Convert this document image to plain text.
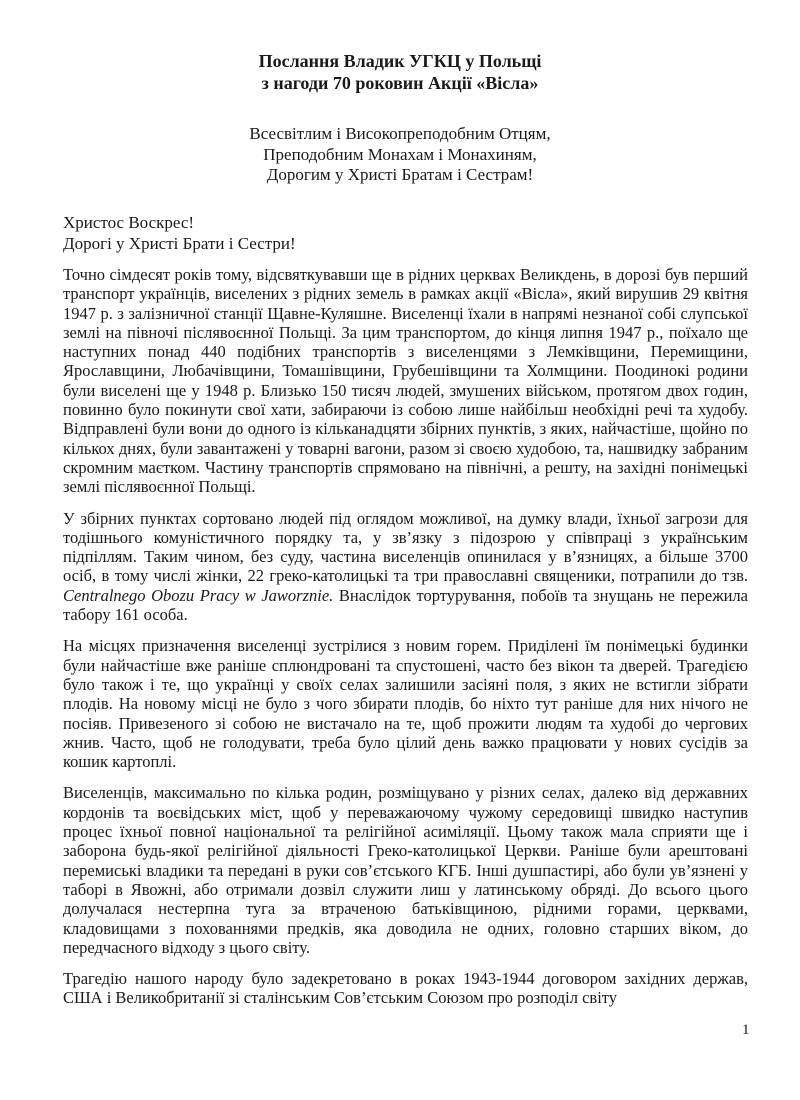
Послання Владик УГКЦ у Польщі
з нагоди 70 роковин Акції «Вісла»
Всесвітлим і Високопреподобним Отцям,
Преподобним Монахам і Монахиням,
Дорогим у Христі Братам і Сестрам!
Христос Воскрес!
Дорогі у Христі Брати і Сестри!

Точно сімдесят років тому, відсвяткувавши ще в рідних церквах Великдень, в дорозі був перший транспорт українців, виселених з рідних земель в рамках акції «Вісла», який вирушив 29 квітня 1947 р. з залізничної станції Щавне-Куляшне. Виселенці їхали в напрямі незнаної собі слупської землі на півночі післявоєнної Польщі. За цим транспортом, до кінця липня 1947 р., поїхало ще наступних понад 440 подібних транспортів з виселенцями з Лемківщини, Перемищини, Ярославщини, Любачівщини, Томашівщини, Грубешівщини та Холмщини. Поодинокі родини були виселені ще у 1948 р. Близько 150 тисяч людей, змушених військом, протягом двох годин, повинно було покинути свої хати, забираючи із собою лише найбільш необхідні речі та худобу. Відправлені були вони до одного із кільканадцяти збірних пунктів, з яких, найчастіше, щойно по кількох днях, були завантажені у товарні вагони, разом зі своєю худобою, та, нашвидку забраним скромним маєтком. Частину транспортів спрямовано на північні, а решту, на західні понімецькі землі післявоєнної Польщі.

У збірних пунктах сортовано людей під оглядом можливої, на думку влади, їхньої загрози для тодішнього комуністичного порядку та, у зв’язку з підозрою у співпраці з українським підпіллям. Таким чином, без суду, частина виселенців опинилася у в’язницях, а більше 3700 осіб, в тому числі жінки, 22 греко-католицькі та три православні священики, потрапили до тзв. Centralnego Obozu Pracy w Jaworznie. Внаслідок тортурування, побоїв та знущань не пережила табору 161 особа.

На місцях призначення виселенці зустрілися з новим горем. Приділені їм понімецькі будинки були найчастіше вже раніше сплюндровані та спустошені, часто без вікон та дверей. Трагедією було також і те, що українці у своїх селах залишили засіяні поля, з яких не встигли зібрати плодів. На новому місці не було з чого збирати плодів, бо ніхто тут раніше для них нічого не посіяв. Привезеного зі собою не вистачало на те, щоб прожити людям та худобі до чергових жнив. Часто, щоб не голодувати, треба було цілий день важко працювати у нових сусідів за кошик картоплі.

Виселенців, максимально по кілька родин, розміщувано у різних селах, далеко від державних кордонів та воєвідських міст, щоб у переважаючому чужому середовищі швидко наступив процес їхньої повної національної та релігійної асиміляції. Цьому також мала сприяти ще і заборона будь-якої релігійної діяльності Греко-католицької Церкви. Раніше були арештовані перемиські владики та передані в руки сов’єтського КГБ. Інші душпастирі, або були ув’язнені у таборі в Явожні, або отримали дозвіл служити лиш у латинському обряді. До всього цього долучалася нестерпна туга за втраченою батьківщиною, рідними горами, церквами, кладовищами з похованнями предків, яка доводила не одних, головно старших віком, до передчасного відходу з цього світу.

Трагедію нашого народу було задекретовано в роках 1943-1944 договором західних держав, США і Великобританії зі сталінським Сов’єтським Союзом про розподіл світу

1
